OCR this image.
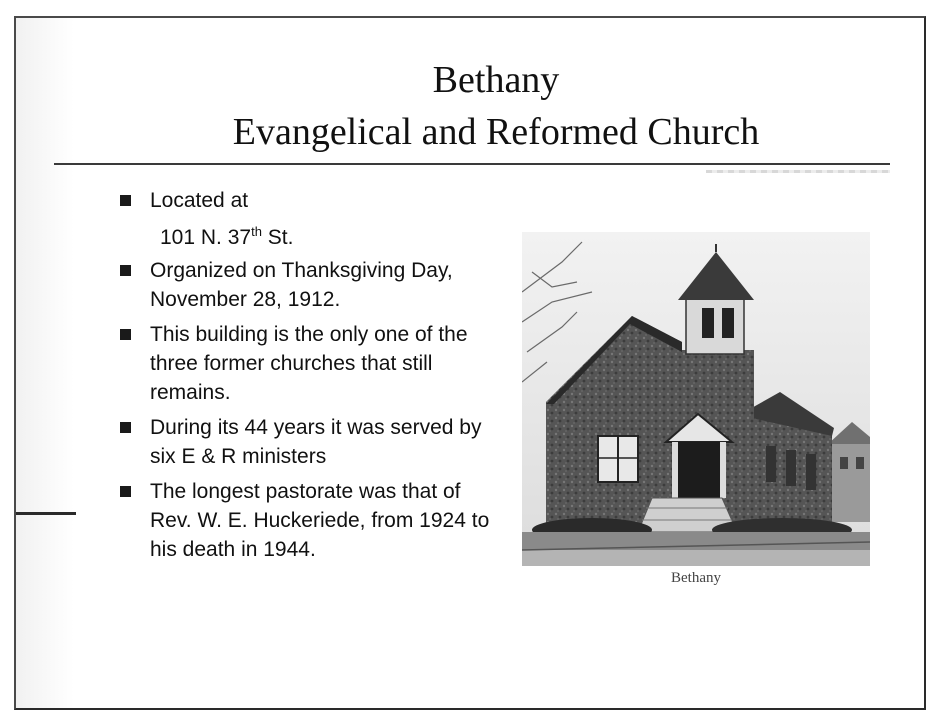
Bethany
Evangelical and Reformed Church
Located at
101 N. 37th St.
Organized on Thanksgiving Day, November 28, 1912.
This building is the only one of the three former churches that still remains.
During its 44 years it was served by six E & R ministers
The longest pastorate was that of Rev. W. E. Huckeriede, from 1924 to his death in 1944.
Bethany
